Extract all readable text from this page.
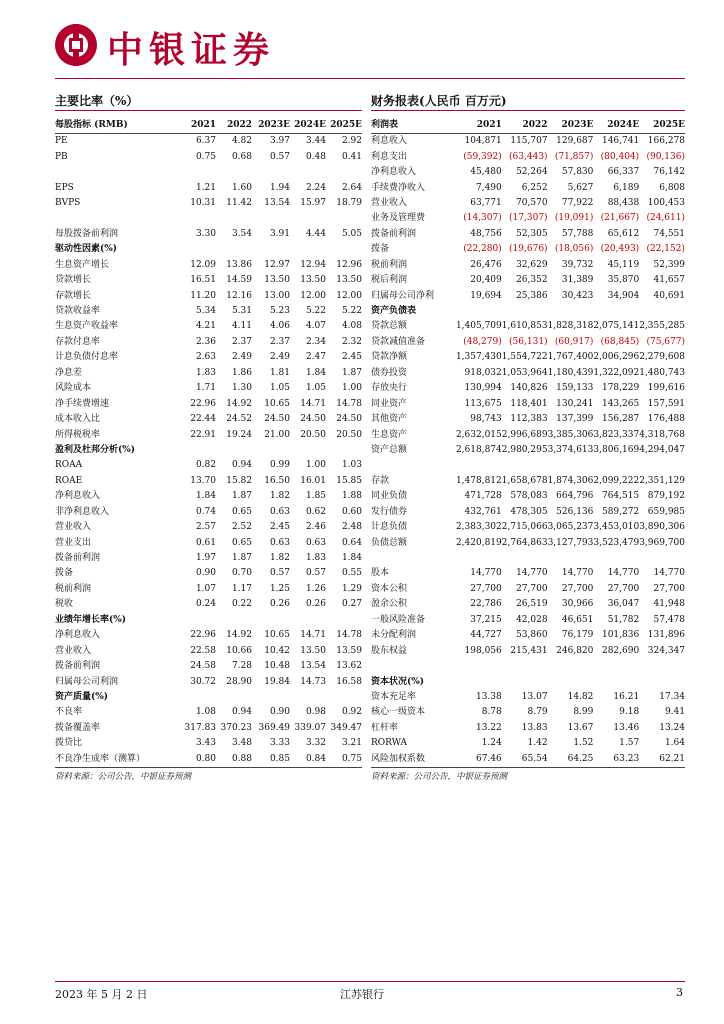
中银证券
主要比率（%）
每股指标 (RMB)	2021	2022	2023E	2024E	2025E
PE	6.37	4.82	3.97	3.44	2.92
PB	0.75	0.68	0.57	0.48	0.41

EPS	1.21	1.60	1.94	2.24	2.64
BVPS	10.31	11.42	13.54	15.97	18.79

每股拨备前利润	3.30	3.54	3.91	4.44	5.05
驱动性因素(%)					
生息资产增长	12.09	13.86	12.97	12.94	12.96
贷款增长	16.51	14.59	13.50	13.50	13.50
存款增长	11.20	12.16	13.00	12.00	12.00
贷款收益率	5.34	5.31	5.23	5.22	5.22
生息资产收益率	4.21	4.11	4.06	4.07	4.08
存款付息率	2.36	2.37	2.37	2.34	2.32
计息负债付息率	2.63	2.49	2.49	2.47	2.45
净息差	1.83	1.86	1.81	1.84	1.87
风险成本	1.71	1.30	1.05	1.05	1.00
净手续费增速	22.96	14.92	10.65	14.71	14.78
成本收入比	22.44	24.52	24.50	24.50	24.50
所得税税率	22.91	19.24	21.00	20.50	20.50
盈利及杜邦分析(%)					
ROAA	0.82	0.94	0.99	1.00	1.03
ROAE	13.70	15.82	16.50	16.01	15.85
净利息收入	1.84	1.87	1.82	1.85	1.88
非净利息收入	0.74	0.65	0.63	0.62	0.60
营业收入	2.57	2.52	2.45	2.46	2.48
营业支出	0.61	0.65	0.63	0.63	0.64
拨备前利润	1.97	1.87	1.82	1.83	1.84
拨备	0.90	0.70	0.57	0.57	0.55
税前利润	1.07	1.17	1.25	1.26	1.29
税收	0.24	0.22	0.26	0.26	0.27
业绩年增长率(%)					
净利息收入	22.96	14.92	10.65	14.71	14.78
营业收入	22.58	10.66	10.42	13.50	13.59
拨备前利润	24.58	7.28	10.48	13.54	13.62
归属母公司利润	30.72	28.90	19.84	14.73	16.58
资产质量(%)					
不良率	1.08	0.94	0.90	0.98	0.92
拨备覆盖率	317.83	370.23	369.49	339.07	349.47
拨贷比	3.43	3.48	3.33	3.32	3.21
不良净生成率（测算）	0.80	0.88	0.85	0.84	0.75
资料来源：公司公告，中银证券预测
财务报表(人民币 百万元)
利润表	2021	2022	2023E	2024E	2025E
利息收入	104,871	115,707	129,687	146,741	166,278
利息支出	(59,392)	(63,443)	(71,857)	(80,404)	(90,136)
净利息收入	45,480	52,264	57,830	66,337	76,142
手续费净收入	7,490	6,252	5,627	6,189	6,808
营业收入	63,771	70,570	77,922	88,438	100,453
业务及管理费	(14,307)	(17,307)	(19,091)	(21,667)	(24,611)
拨备前利润	48,756	52,305	57,788	65,612	74,551
拨备	(22,280)	(19,676)	(18,056)	(20,493)	(22,152)
税前利润	26,476	32,629	39,732	45,119	52,399
税后利润	20,409	26,352	31,389	35,870	41,657
归属母公司净利	19,694	25,386	30,423	34,904	40,691
资产负债表					
贷款总额	1,405,709	1,610,853	1,828,318	2,075,141	2,355,285
贷款减值准备	(48,279)	(56,131)	(60,917)	(68,845)	(75,677)
贷款净额	1,357,430	1,554,722	1,767,400	2,006,296	2,279,608
债券投资	918,032	1,053,964	1,180,439	1,322,092	1,480,743
存放央行	130,994	140,826	159,133	178,229	199,616
同业资产	113,675	118,401	130,241	143,265	157,591
其他资产	98,743	112,383	137,399	156,287	176,488
生息资产	2,632,015	2,996,689	3,385,306	3,823,337	4,318,768
资产总额	2,618,874	2,980,295	3,374,613	3,806,169	4,294,047

存款	1,478,812	1,658,678	1,874,306	2,099,222	2,351,129
同业负债	471,728	578,083	664,796	764,515	879,192
发行债券	432,761	478,305	526,136	589,272	659,985
计息负债	2,383,302	2,715,066	3,065,237	3,453,010	3,890,306
负债总额	2,420,819	2,764,863	3,127,793	3,523,479	3,969,700

股本	14,770	14,770	14,770	14,770	14,770
资本公积	27,700	27,700	27,700	27,700	27,700
盈余公积	22,786	26,519	30,966	36,047	41,948
一般风险准备	37,215	42,028	46,651	51,782	57,478
未分配利润	44,727	53,860	76,179	101,836	131,896
股东权益	198,056	215,431	246,820	282,690	324,347

资本状况(%)					
资本充足率	13.38	13.07	14.82	16.21	17.34
核心一级资本	8.78	8.79	8.99	9.18	9.41
杠杆率	13.22	13.83	13.67	13.46	13.24
RORWA	1.24	1.42	1.52	1.57	1.64
风险加权系数	67.46	65.54	64.25	63.23	62.21
资料来源：公司公告，中银证券预测
2023 年 5 月 2 日	江苏银行	3
